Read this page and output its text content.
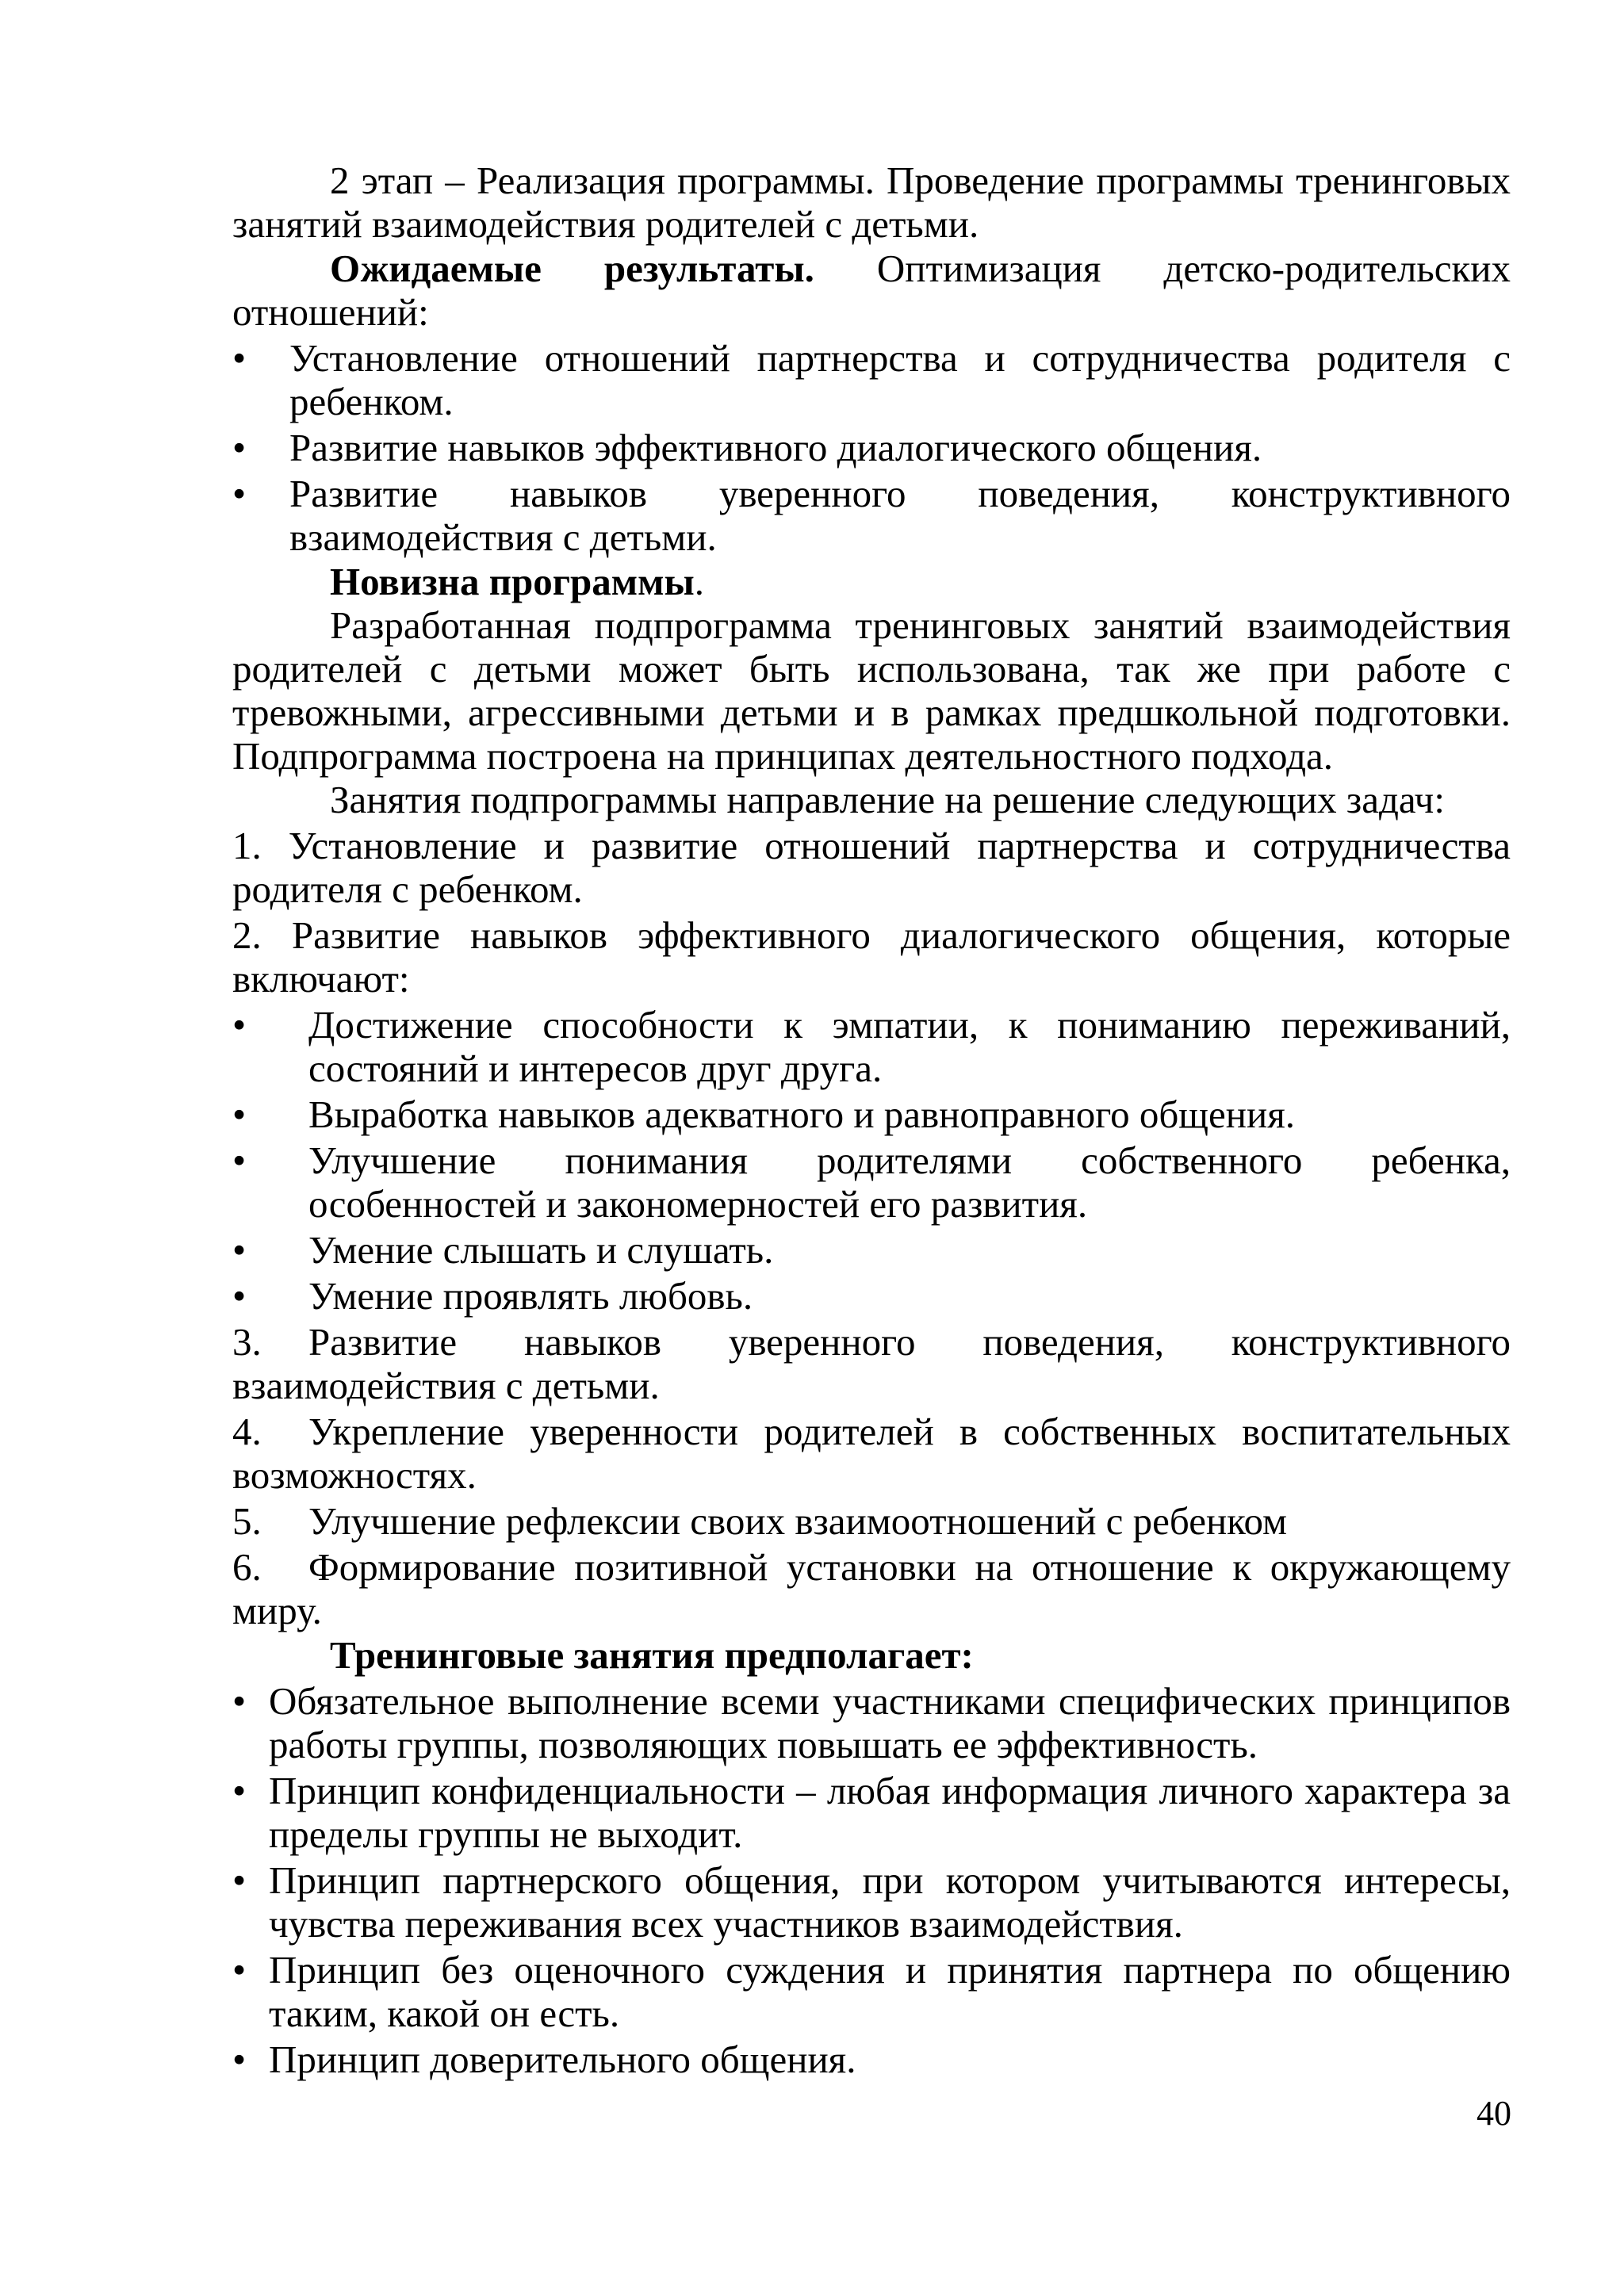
2 этап – Реализация программы. Проведение программы тренинговых занятий взаимодействия родителей с детьми.

Ожидаемые результаты. Оптимизация детско-родительских отношений:

•	Установление отношений партнерства и сотрудничества родителя с ребенком.
•	Развитие навыков эффективного диалогического общения.
•	Развитие навыков уверенного поведения, конструктивного взаимодействия с детьми.

Новизна программы.

Разработанная подпрограмма тренинговых занятий взаимодействия родителей с детьми может быть использована, так же при работе с тревожными, агрессивными детьми и в рамках предшкольной подготовки. Подпрограмма построена на принципах деятельностного подхода.

Занятия подпрограммы направление на решение следующих задач:

1. Установление и развитие отношений партнерства и сотрудничества родителя с ребенком.
2. Развитие навыков эффективного диалогического общения, которые включают:
•	Достижение способности к эмпатии, к пониманию переживаний, состояний и интересов друг друга.
•	Выработка навыков адекватного и равноправного общения.
•	Улучшение понимания родителями собственного ребенка, особенностей и закономерностей его развития.
•	Умение слышать и слушать.
•	Умение проявлять любовь.
3. Развитие навыков уверенного поведения, конструктивного взаимодействия с детьми.
4. Укрепление уверенности родителей в собственных воспитательных возможностях.
5. Улучшение рефлексии своих взаимоотношений с ребенком
6. Формирование позитивной установки на отношение к окружающему миру.

Тренинговые занятия предполагает:

• Обязательное выполнение всеми участниками специфических принципов работы группы, позволяющих повышать ее эффективность.
• Принцип конфиденциальности – любая информация личного характера за пределы группы не выходит.
• Принцип партнерского общения, при котором учитываются интересы, чувства переживания всех участников взаимодействия.
• Принцип без оценочного суждения и принятия партнера по общению таким, какой он есть.
• Принцип доверительного общения.
40
